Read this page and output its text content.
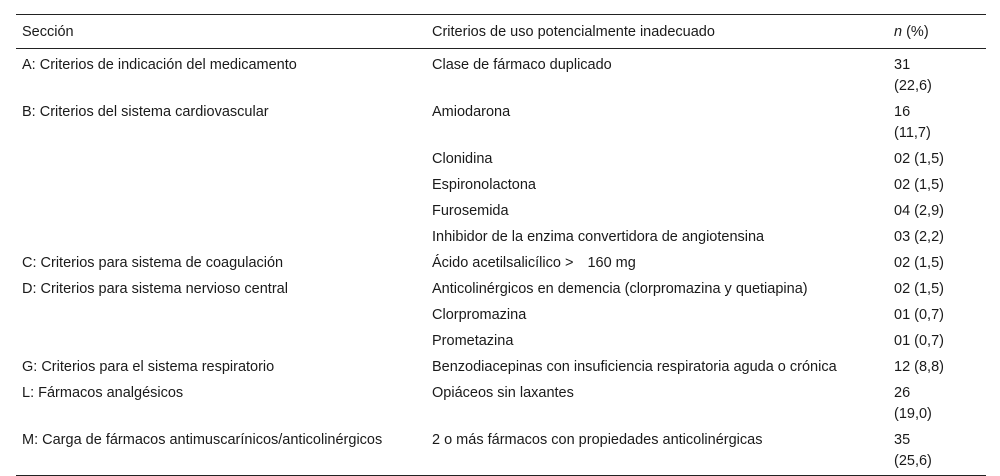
Sección	Criterios de uso potencialmente inadecuado	n (%)
A: Criterios de indicación del medicamento	Clase de fármaco duplicado	31
(22,6)
B: Criterios del sistema cardiovascular	Amiodarona	16
(11,7)
	Clonidina	02 (1,5)
	Espironolactona	02 (1,5)
	Furosemida	04 (2,9)
	Inhibidor de la enzima convertidora de angiotensina	03 (2,2)
C: Criterios para sistema de coagulación	Ácido acetilsalicílico > 160 mg	02 (1,5)
D: Criterios para sistema nervioso central	Anticolinérgicos en demencia (clorpromazina y quetiapina)	02 (1,5)
	Clorpromazina	01 (0,7)
	Prometazina	01 (0,7)
G: Criterios para el sistema respiratorio	Benzodiacepinas con insuficiencia respiratoria aguda o crónica	12 (8,8)
L: Fármacos analgésicos	Opiáceos sin laxantes	26
(19,0)
M: Carga de fármacos antimuscarínicos/anticolinérgicos	2 o más fármacos con propiedades anticolinérgicas	35
(25,6)
